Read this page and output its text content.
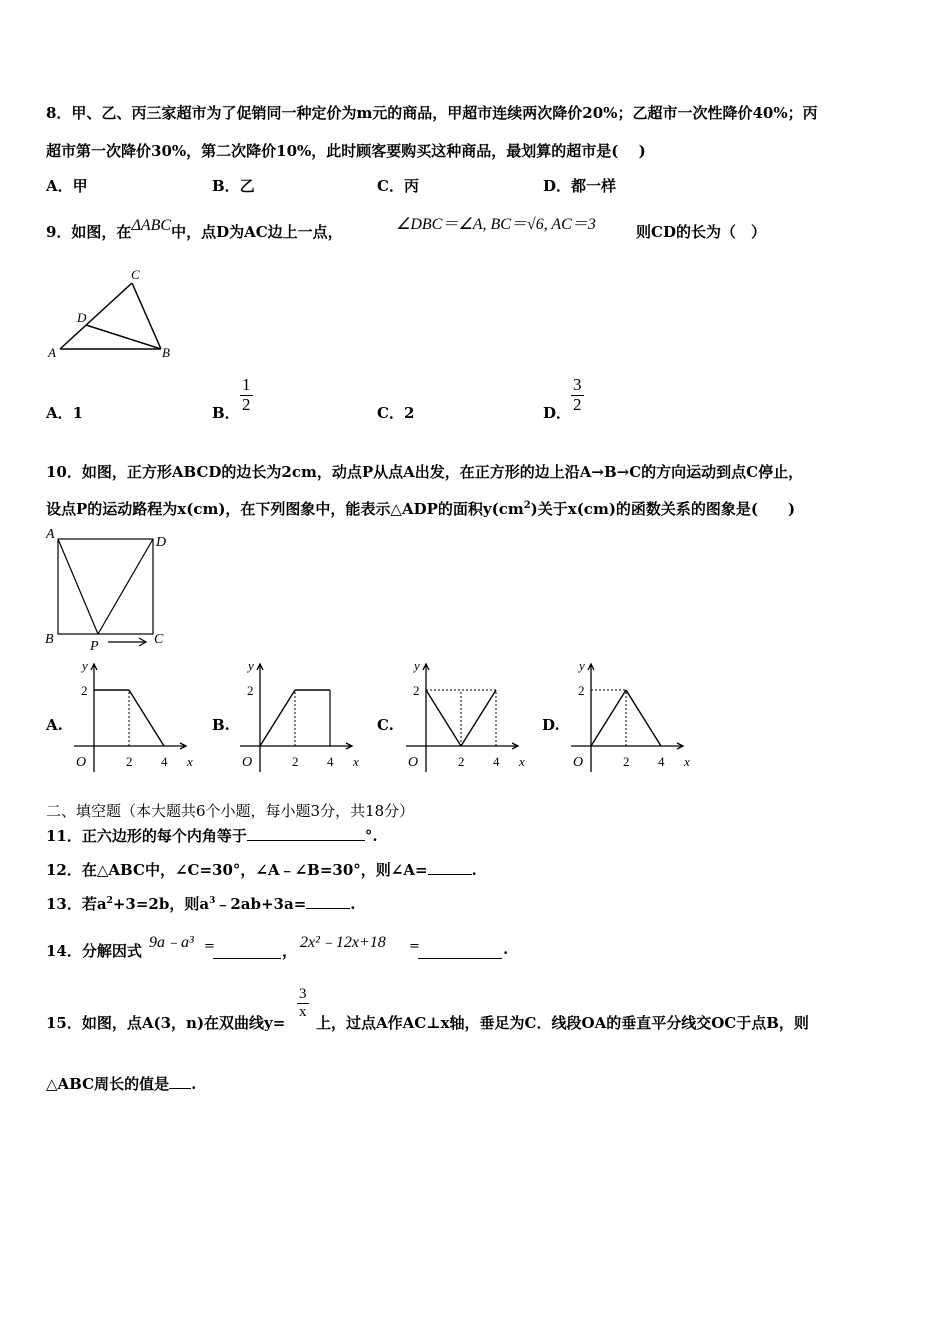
8．甲、乙、丙三家超市为了促销同一种定价为m元的商品，甲超市连续两次降价20%；乙超市一次性降价40%；丙
超市第一次降价30%，第二次降价10%，此时顾客要购买这种商品，最划算的超市是(　 )
A．甲	B．乙	C．丙	D．都一样
9．如图，在ΔABC中，点D为AC边上一点，	∠DBC＝∠A, BC＝√6, AC＝3	则CD的长为（　）
A	B
C
D
A．1	B． $\frac{1}{2}$	C．2	D． $\frac{3}{2}$
10．如图，正方形ABCD的边长为2cm，动点P从点A出发，在正方形的边上沿A→B→C的方向运动到点C停止，
设点P的运动路程为x(cm)，在下列图象中，能表示△ADP的面积$y(cm^2)$关于x(cm)的函数关系的图象是(　　)
A
D
B	C
P
A.	B.	C.	D.
y
x
O
2
2 4
y
x
O
2
2 4
y
x
O
2
2 4
y
x
O
2
2 4
二、填空题（本大题共6个小题，每小题3分，共18分）
11．正六边形的每个内角等于	°.
12．在△ABC中，∠C=30°，∠A﹣∠B=30°，则∠A=	.
13．若$a^2+3=2b$，则$a^3﹣2ab+3a=$	.
14．分解因式 9a﹣a³ =
	， 2x²﹣12x+18 =
	.
15．如图，点A(3，n)在双曲线y=
$\frac{3}{x}$
上，过点A作AC⊥x轴，垂足为C．线段OA的垂直平分线交OC于点B，则
△ABC周长的值是 .
